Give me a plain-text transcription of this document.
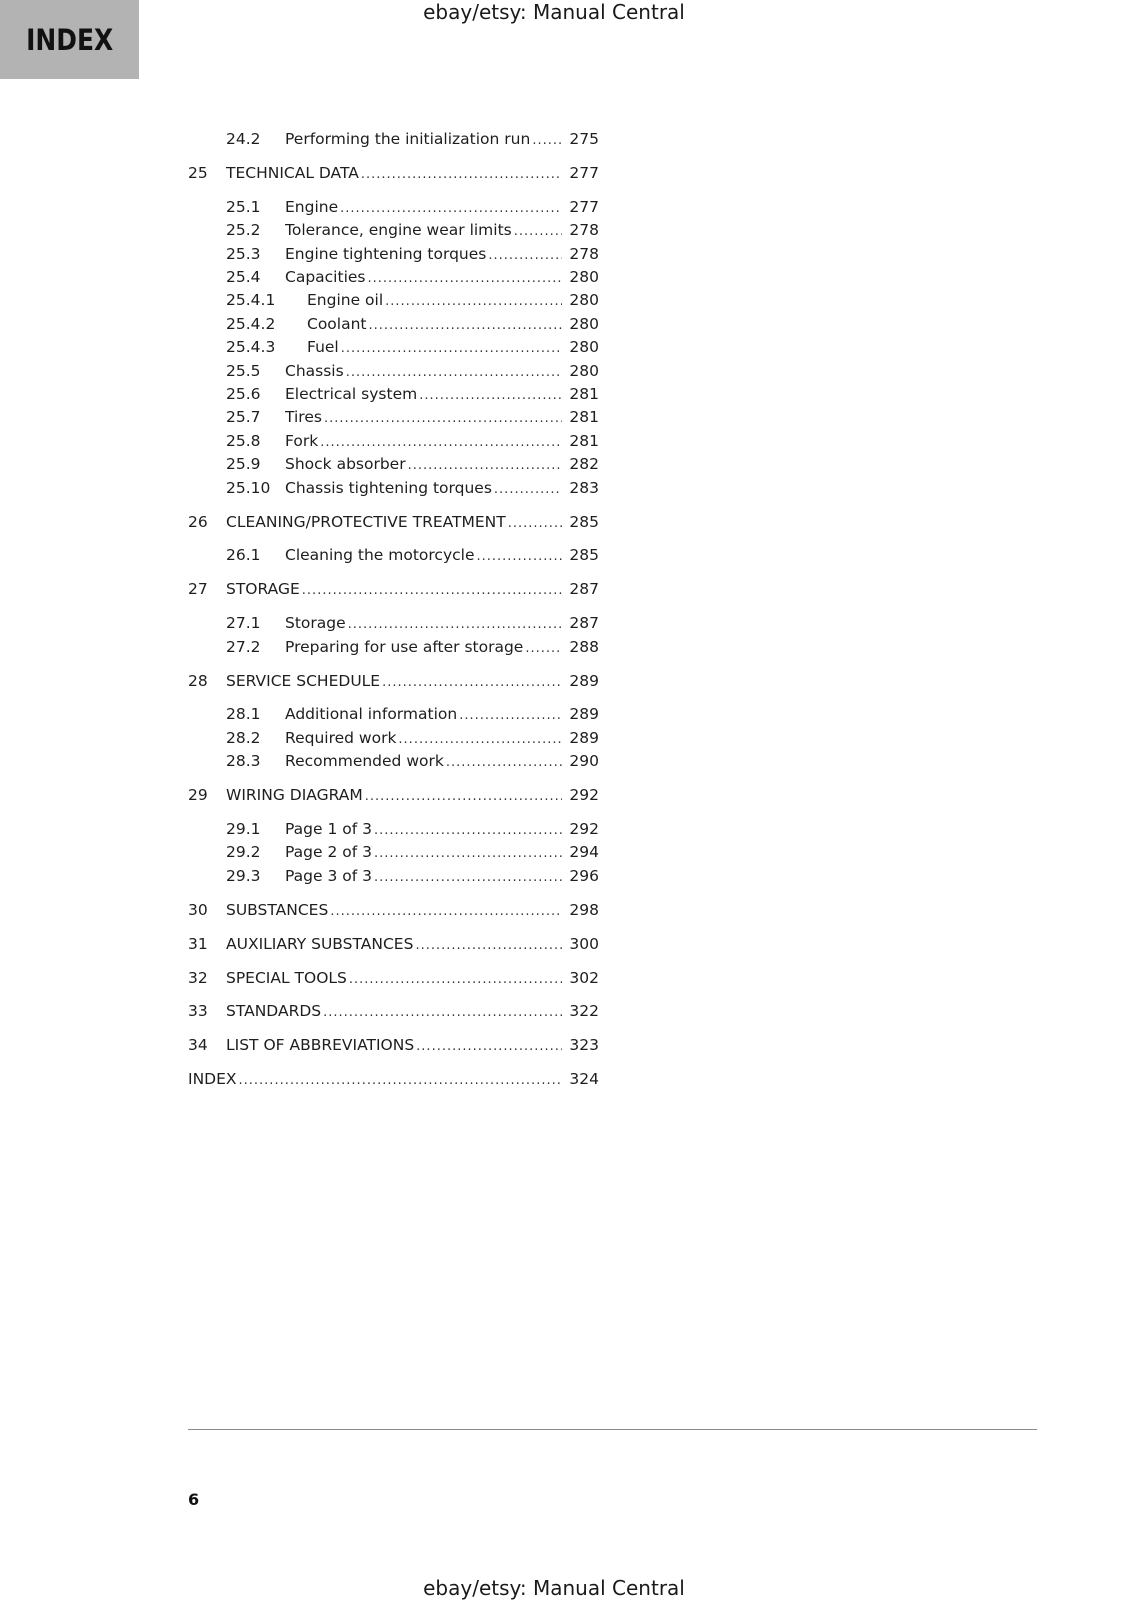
INDEX
ebay/etsy: Manual Central
24.2 Performing the initialization run .....	275
25 TECHNICAL DATA .....	277
25.1 Engine .....	277
25.2 Tolerance, engine wear limits .....	278
25.3 Engine tightening torques .....	278
25.4 Capacities .....	280
25.4.1 Engine oil .....	280
25.4.2 Coolant .....	280
25.4.3 Fuel .....	280
25.5 Chassis .....	280
25.6 Electrical system .....	281
25.7 Tires .....	281
25.8 Fork .....	281
25.9 Shock absorber .....	282
25.10 Chassis tightening torques .....	283
26 CLEANING/PROTECTIVE TREATMENT .....	285
26.1 Cleaning the motorcycle .....	285
27 STORAGE .....	287
27.1 Storage .....	287
27.2 Preparing for use after storage .....	288
28 SERVICE SCHEDULE .....	289
28.1 Additional information .....	289
28.2 Required work .....	289
28.3 Recommended work .....	290
29 WIRING DIAGRAM .....	292
29.1 Page 1 of 3 .....	292
29.2 Page 2 of 3 .....	294
29.3 Page 3 of 3 .....	296
30 SUBSTANCES .....	298
31 AUXILIARY SUBSTANCES .....	300
32 SPECIAL TOOLS .....	302
33 STANDARDS .....	322
34 LIST OF ABBREVIATIONS .....	323
INDEX .....	324
6
ebay/etsy: Manual Central
